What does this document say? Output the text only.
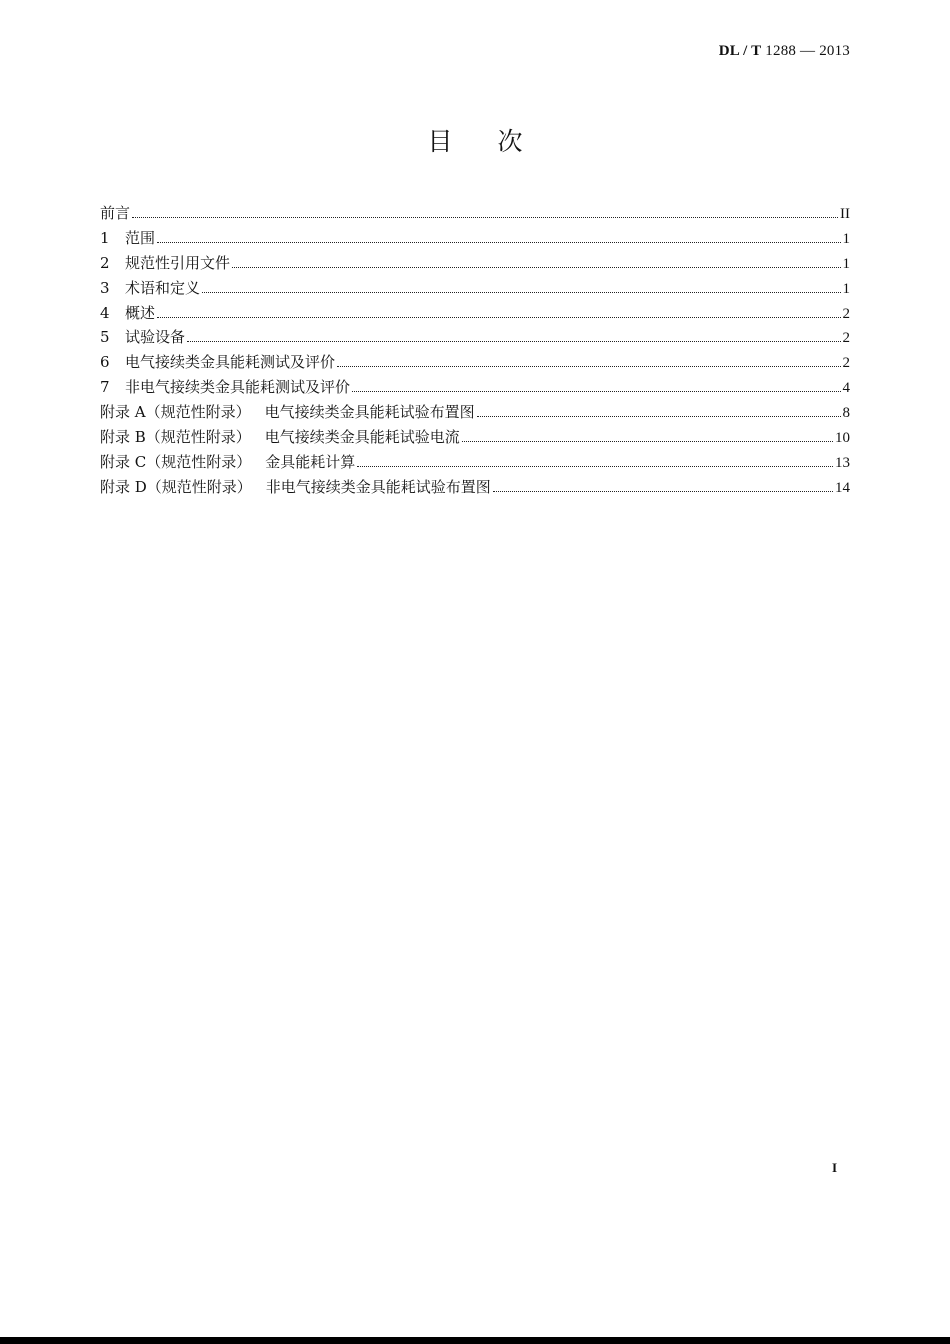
DL / T 1288 — 2013
目次
前言	II
1	范围	1
2	规范性引用文件	1
3	术语和定义	1
4	概述	2
5	试验设备	2
6	电气接续类金具能耗测试及评价	2
7	非电气接续类金具能耗测试及评价	4
附录 A（规范性附录） 电气接续类金具能耗试验布置图	8
附录 B（规范性附录） 电气接续类金具能耗试验电流	10
附录 C（规范性附录） 金具能耗计算	13
附录 D（规范性附录） 非电气接续类金具能耗试验布置图	14
I
